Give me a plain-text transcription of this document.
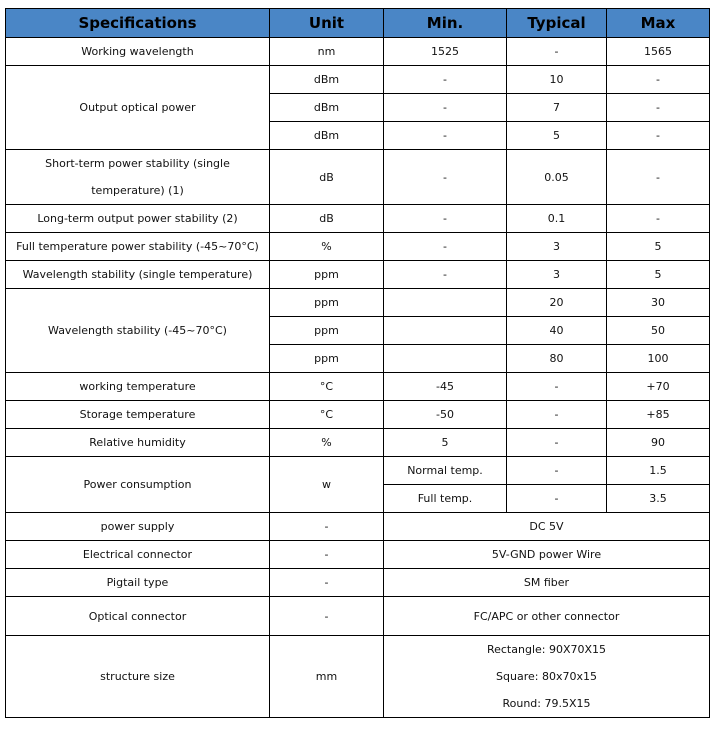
Specifications	Unit	Min.	Typical	Max
Working wavelength	nm	1525	-	1565
Output optical power	dBm	-	10	-
	dBm	-	7	-
	dBm	-	5	-
Short-term power stability (single temperature) (1)	dB	-	0.05	-
Long-term output power stability (2)	dB	-	0.1	-
Full temperature power stability (-45~70°C)	%	-	3	5
Wavelength stability (single temperature)	ppm	-	3	5
Wavelength stability (-45~70°C)	ppm		20	30
	ppm		40	50
	ppm		80	100
working temperature	°C	-45	-	+70
Storage temperature	°C	-50	-	+85
Relative humidity	%	5	-	90
Power consumption	w	Normal temp.	-	1.5
		Full temp.	-	3.5
power supply	-	DC 5V		
Electrical connector	-	5V-GND power Wire		
Pigtail type	-	SM fiber		
Optical connector	-	FC/APC or other connector		
structure size	mm	Rectangle: 90X70X15		
		Square: 80x70x15		
		Round: 79.5X15		
